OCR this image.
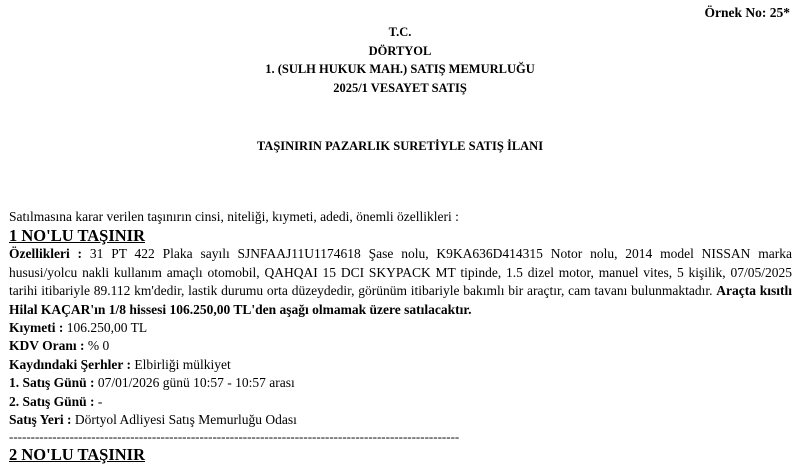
Örnek No: 25*
T.C.
DÖRTYOL
1. (SULH HUKUK MAH.) SATIŞ MEMURLUĞU
2025/1 VESAYET SATIŞ
TAŞINIRIN PAZARLIK SURETİYLE SATIŞ İLANI

Satılmasına karar verilen taşınırın cinsi, niteliği, kıymeti, adedi, önemli özellikleri :

1 NO'LU TAŞINIR

Özellikleri : 31 PT 422 Plaka sayılı SJNFAAJ11U1174618 Şase nolu, K9KA636D414315 Notor nolu, 2014 model NISSAN marka hususi/yolcu nakli kullanım amaçlı otomobil, QAHQAI 15 DCI SKYPACK MT tipinde, 1.5 dizel motor, manuel vites, 5 kişilik, 07/05/2025 tarihi itibariyle 89.112 km'dedir, lastik durumu orta düzeydedir, görünüm itibariyle bakımlı bir araçtır, cam tavanı bulunmaktadır. Araçta kısıtlı Hilal KAÇAR'ın 1/8 hissesi 106.250,00 TL'den aşağı olmamak üzere satılacaktır.

Kıymeti : 106.250,00 TL

KDV Oranı : % 0

Kaydındaki Şerhler : Elbirliği mülkiyet

1. Satış Günü : 07/01/2026 günü 10:57 - 10:57 arası

2. Satış Günü : -

Satış Yeri : Dörtyol Adliyesi Satış Memurluğu Odası

--------------------------------------------------------------------------------------------------------

2 NO'LU TAŞINIR
